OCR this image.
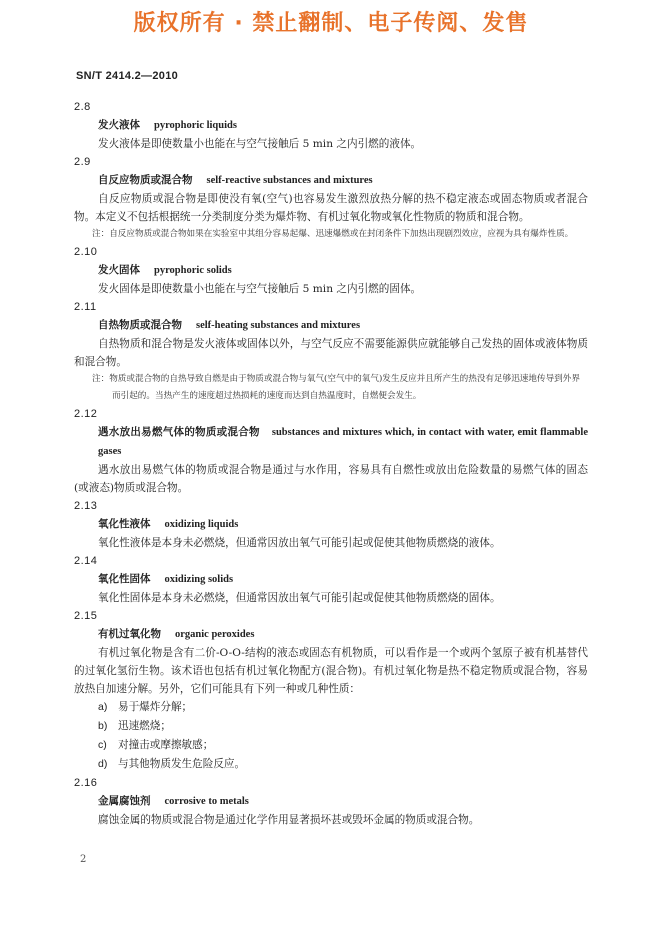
版权所有 · 禁止翻制、电子传阅、发售
SN/T 2414.2—2010
2.8
发火液体 pyrophoric liquids
发火液体是即使数量小也能在与空气接触后 5 min 之内引燃的液体。
2.9
自反应物质或混合物 self-reactive substances and mixtures
自反应物质或混合物是即使没有氧(空气)也容易发生激烈放热分解的热不稳定液态或固态物质或者混合物。本定义不包括根据统一分类制度分类为爆炸物、有机过氧化物或氧化性物质的物质和混合物。
注：自反应物质或混合物如果在实验室中其组分容易起爆、迅速爆燃或在封闭条件下加热出现剧烈效应，应视为具有爆炸性质。
2.10
发火固体 pyrophoric solids
发火固体是即使数量小也能在与空气接触后 5 min 之内引燃的固体。
2.11
自热物质或混合物 self-heating substances and mixtures
自热物质和混合物是发火液体或固体以外，与空气反应不需要能源供应就能够自己发热的固体或液体物质和混合物。
注：物质或混合物的自热导致自燃是由于物质或混合物与氧气(空气中的氧气)发生反应并且所产生的热没有足够迅速地传导到外界而引起的。当热产生的速度超过热损耗的速度而达到自热温度时，自燃便会发生。
2.12
遇水放出易燃气体的物质或混合物 substances and mixtures which, in contact with water, emit flammable gases
遇水放出易燃气体的物质或混合物是通过与水作用，容易具有自燃性或放出危险数量的易燃气体的固态(或液态)物质或混合物。
2.13
氧化性液体 oxidizing liquids
氧化性液体是本身未必燃烧，但通常因放出氧气可能引起或促使其他物质燃烧的液体。
2.14
氧化性固体 oxidizing solids
氧化性固体是本身未必燃烧，但通常因放出氧气可能引起或促使其他物质燃烧的固体。
2.15
有机过氧化物 organic peroxides
有机过氧化物是含有二价-O-O-结构的液态或固态有机物质，可以看作是一个或两个氢原子被有机基替代的过氧化氢衍生物。该术语也包括有机过氧化物配方(混合物)。有机过氧化物是热不稳定物质或混合物，容易放热自加速分解。另外，它们可能具有下列一种或几种性质：
a) 易于爆炸分解；
b) 迅速燃烧；
c) 对撞击或摩擦敏感；
d) 与其他物质发生危险反应。
2.16
金属腐蚀剂 corrosive to metals
腐蚀金属的物质或混合物是通过化学作用显著损坏甚或毁坏金属的物质或混合物。
2
